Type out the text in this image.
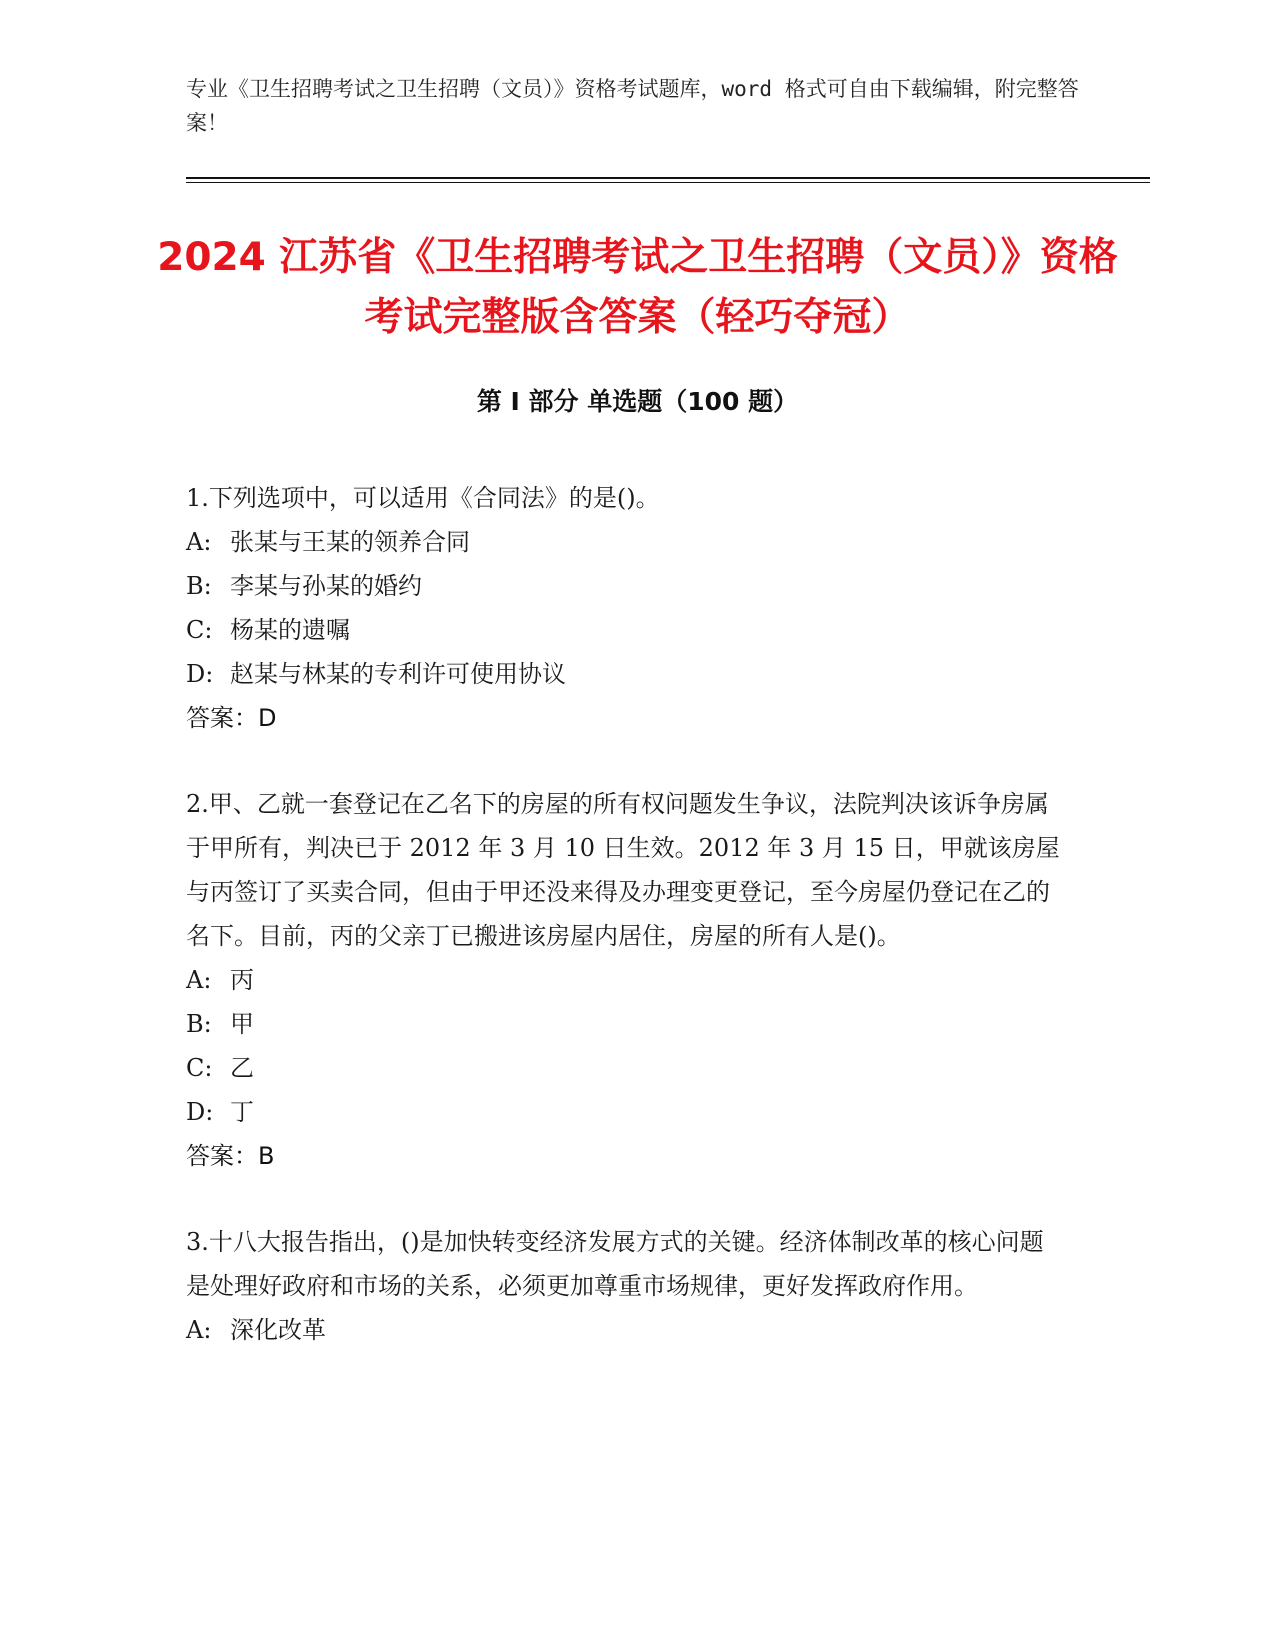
专业《卫生招聘考试之卫生招聘（文员）》资格考试题库，word 格式可自由下载编辑，附完整答案！
2024 江苏省《卫生招聘考试之卫生招聘（文员）》资格考试完整版含答案（轻巧夺冠）
第 I 部分 单选题（100 题）

1.下列选项中，可以适用《合同法》的是()。

A: 张某与王某的领养合同

B: 李某与孙某的婚约

C: 杨某的遗嘱

D: 赵某与林某的专利许可使用协议

答案：D

2.甲、乙就一套登记在乙名下的房屋的所有权问题发生争议，法院判决该诉争房属于甲所有，判决已于 2012 年 3 月 10 日生效。2012 年 3 月 15 日，甲就该房屋与丙签订了买卖合同，但由于甲还没来得及办理变更登记，至今房屋仍登记在乙的名下。目前，丙的父亲丁已搬进该房屋内居住，房屋的所有人是()。

A: 丙

B: 甲

C: 乙

D: 丁

答案：B

3.十八大报告指出，()是加快转变经济发展方式的关键。经济体制改革的核心问题是处理好政府和市场的关系，必须更加尊重市场规律，更好发挥政府作用。

A: 深化改革
